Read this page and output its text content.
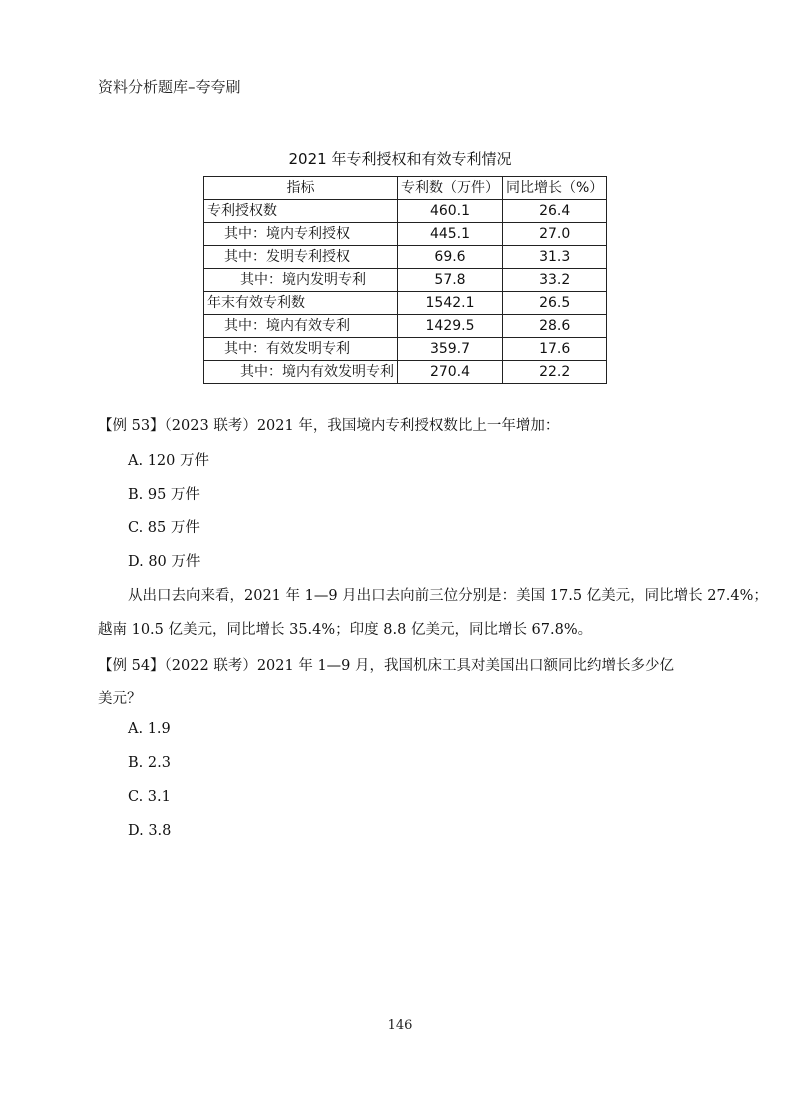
资料分析题库–夸夸刷
2021 年专利授权和有效专利情况
指标	专利数（万件）	同比增长（%）
专利授权数	460.1	26.4
其中：境内专利授权	445.1	27.0
其中：发明专利授权	69.6	31.3
其中：境内发明专利	57.8	33.2
年末有效专利数	1542.1	26.5
其中：境内有效专利	1429.5	28.6
其中：有效发明专利	359.7	17.6
其中：境内有效发明专利	270.4	22.2
【例 53】（2023 联考）2021 年，我国境内专利授权数比上一年增加：
A. 120 万件
B. 95 万件
C. 85 万件
D. 80 万件
从出口去向来看，2021 年 1—9 月出口去向前三位分别是：美国 17.5 亿美元，同比增长 27.4%；
越南 10.5 亿美元，同比增长 35.4%；印度 8.8 亿美元，同比增长 67.8%。
【例 54】（2022 联考）2021 年 1—9 月，我国机床工具对美国出口额同比约增长多少亿
美元？
A. 1.9
B. 2.3
C. 3.1
D. 3.8
146
